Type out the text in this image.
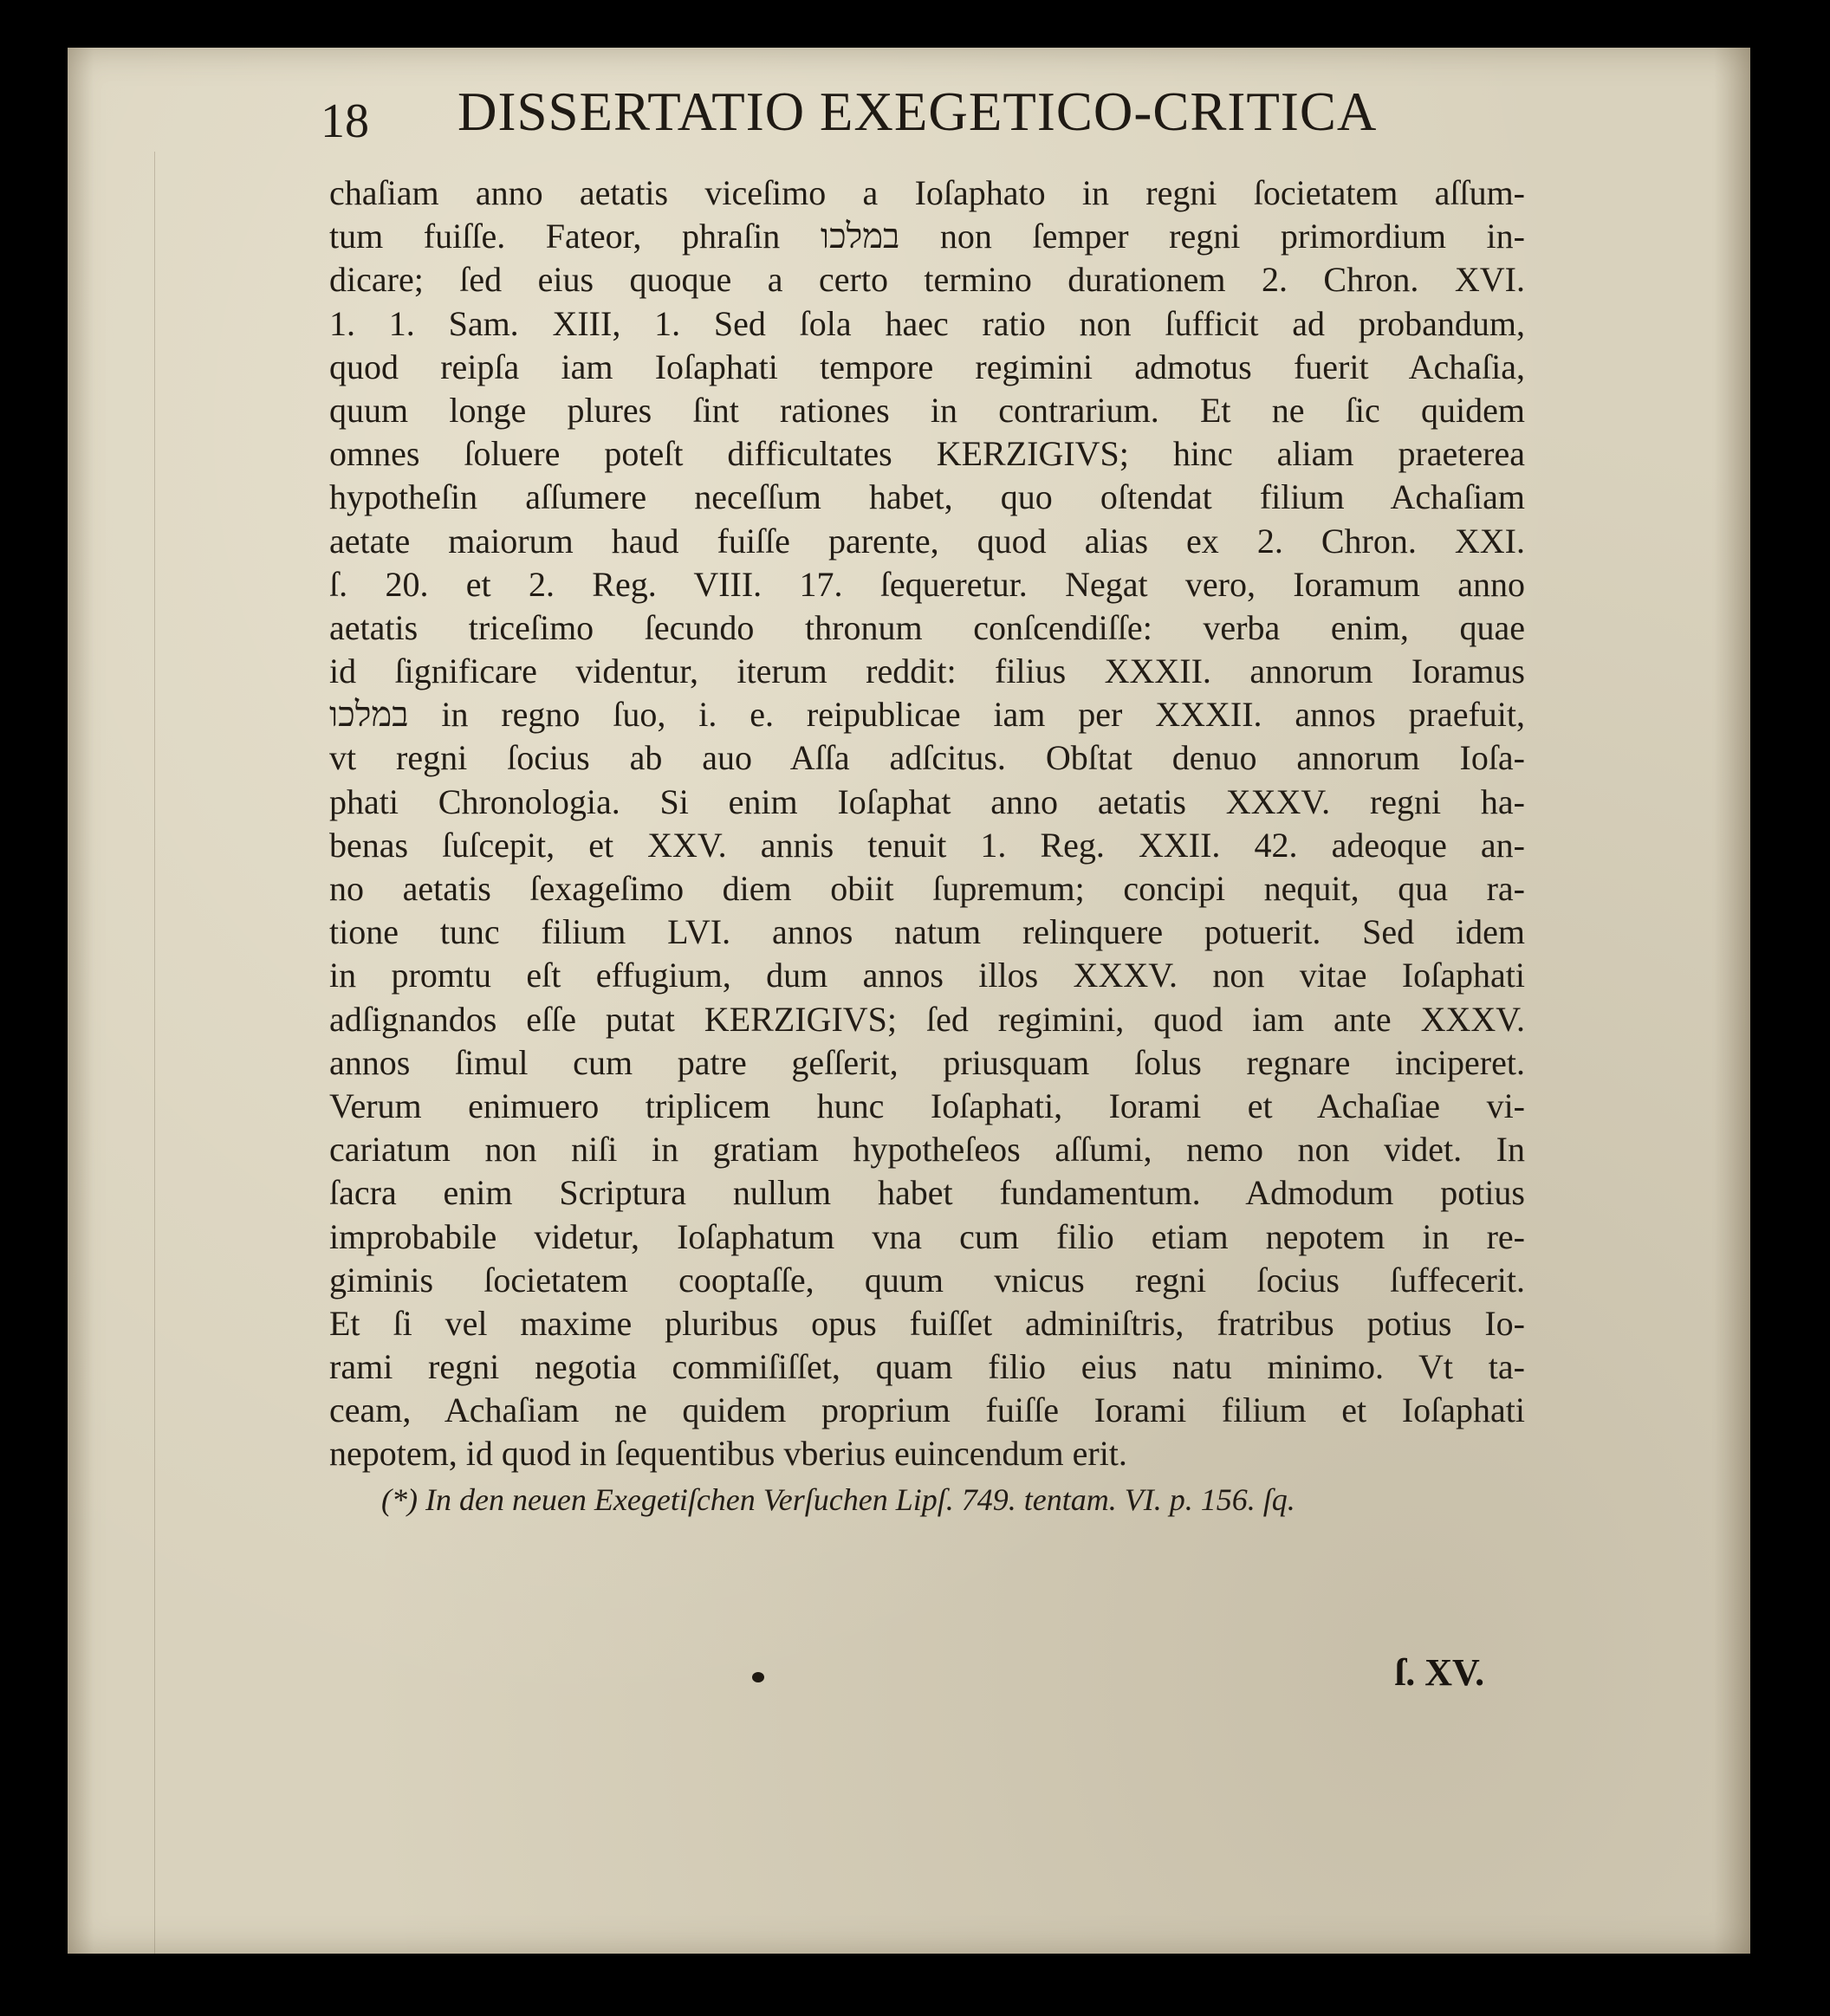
18 DISSERTATIO EXEGETICO-CRITICA
chaſiam anno aetatis viceſimo a Ioſaphato in regni ſocietatem aſſum-
tum fuiſſe. Fateor, phraſin במלכו non ſemper regni primordium in-
dicare; ſed eius quoque a certo termino durationem 2. Chron. XVI.
1. 1. Sam. XIII, 1. Sed ſola haec ratio non ſufficit ad probandum,
quod reipſa iam Ioſaphati tempore regimini admotus fuerit Achaſia,
quum longe plures ſint rationes in contrarium. Et ne ſic quidem
omnes ſoluere poteſt difficultates KERZIGIVS; hinc aliam praeterea
hypotheſin aſſumere neceſſum habet, quo oſtendat filium Achaſiam
aetate maiorum haud fuiſſe parente, quod alias ex 2. Chron. XXI.
ſ. 20. et 2. Reg. VIII. 17. ſequeretur. Negat vero, Ioramum anno
aetatis triceſimo ſecundo thronum conſcendiſſe: verba enim, quae
id ſignificare videntur, iterum reddit: filius XXXII. annorum Ioramus
במלכו in regno ſuo, i. e. reipublicae iam per XXXII. annos praefuit,
vt regni ſocius ab auo Aſſa adſcitus. Obſtat denuo annorum Ioſa-
phati Chronologia. Si enim Ioſaphat anno aetatis XXXV. regni ha-
benas ſuſcepit, et XXV. annis tenuit 1. Reg. XXII. 42. adeoque an-
no aetatis ſexageſimo diem obiit ſupremum; concipi nequit, qua ra-
tione tunc filium LVI. annos natum relinquere potuerit. Sed idem
in promtu eſt effugium, dum annos illos XXXV. non vitae Ioſaphati
adſignandos eſſe putat KERZIGIVS; ſed regimini, quod iam ante XXXV.
annos ſimul cum patre geſſerit, priusquam ſolus regnare inciperet.
Verum enimuero triplicem hunc Ioſaphati, Iorami et Achaſiae vi-
cariatum non niſi in gratiam hypotheſeos aſſumi, nemo non videt. In
ſacra enim Scriptura nullum habet fundamentum. Admodum potius
improbabile videtur, Ioſaphatum vna cum filio etiam nepotem in re-
giminis ſocietatem cooptaſſe, quum vnicus regni ſocius ſuffecerit.
Et ſi vel maxime pluribus opus fuiſſet adminiſtris, fratribus potius Io-
rami regni negotia commiſiſſet, quam filio eius natu minimo. Vt ta-
ceam, Achaſiam ne quidem proprium fuiſſe Iorami filium et Ioſaphati
nepotem, id quod in ſequentibus vberius euincendum erit.
(*) In den neuen Exegetiſchen Verſuchen Lipſ. 749. tentam. VI. p. 156. ſq.
ſ. XV.
